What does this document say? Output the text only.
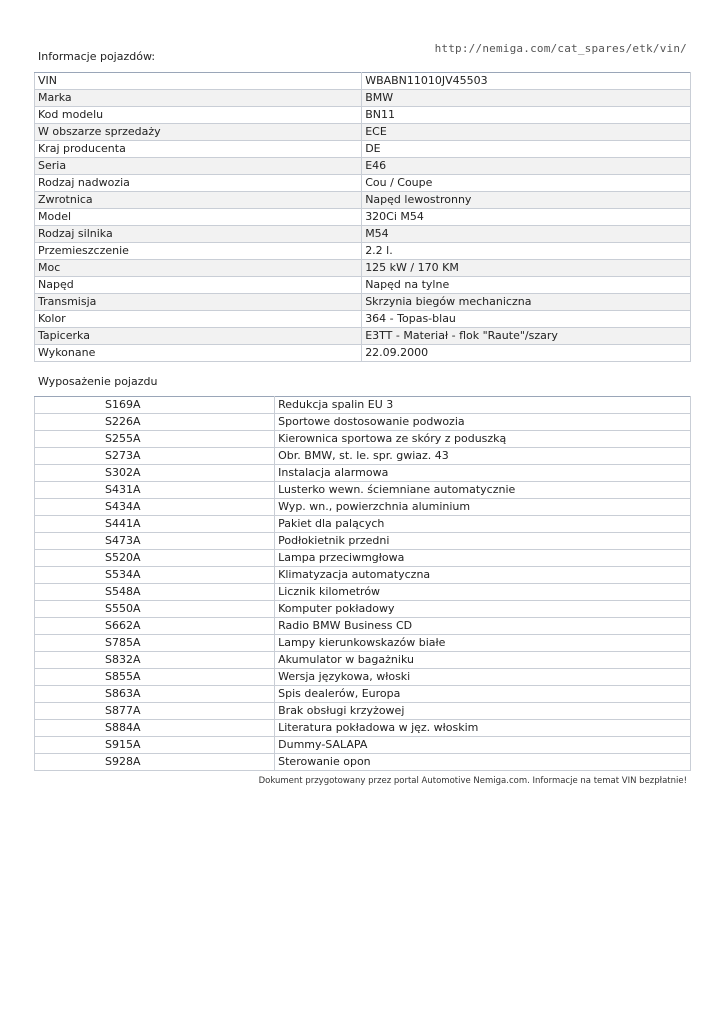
http://nemiga.com/cat_spares/etk/vin/
Informacje pojazdów:
VIN	WBABN11010JV45503
Marka	BMW
Kod modelu	BN11
W obszarze sprzedaży	ECE
Kraj producenta	DE
Seria	E46
Rodzaj nadwozia	Cou / Coupe
Zwrotnica	Napęd lewostronny
Model	320Ci M54
Rodzaj silnika	M54
Przemieszczenie	2.2 l.
Moc	125 kW / 170 KM
Napęd	Napęd na tylne
Transmisja	Skrzynia biegów mechaniczna
Kolor	364 - Topas-blau
Tapicerka	E3TT - Materiał - flok "Raute"/szary
Wykonane	22.09.2000
Wyposażenie pojazdu
S169A	Redukcja spalin EU 3
S226A	Sportowe dostosowanie podwozia
S255A	Kierownica sportowa ze skóry z poduszką
S273A	Obr. BMW, st. le. spr. gwiaz. 43
S302A	Instalacja alarmowa
S431A	Lusterko wewn. ściemniane automatycznie
S434A	Wyp. wn., powierzchnia aluminium
S441A	Pakiet dla palących
S473A	Podłokietnik przedni
S520A	Lampa przeciwmgłowa
S534A	Klimatyzacja automatyczna
S548A	Licznik kilometrów
S550A	Komputer pokładowy
S662A	Radio BMW Business CD
S785A	Lampy kierunkowskazów białe
S832A	Akumulator w bagażniku
S855A	Wersja językowa, włoski
S863A	Spis dealerów, Europa
S877A	Brak obsługi krzyżowej
S884A	Literatura pokładowa w jęz. włoskim
S915A	Dummy-SALAPA
S928A	Sterowanie opon
Dokument przygotowany przez portal Automotive Nemiga.com. Informacje na temat VIN bezpłatnie!
